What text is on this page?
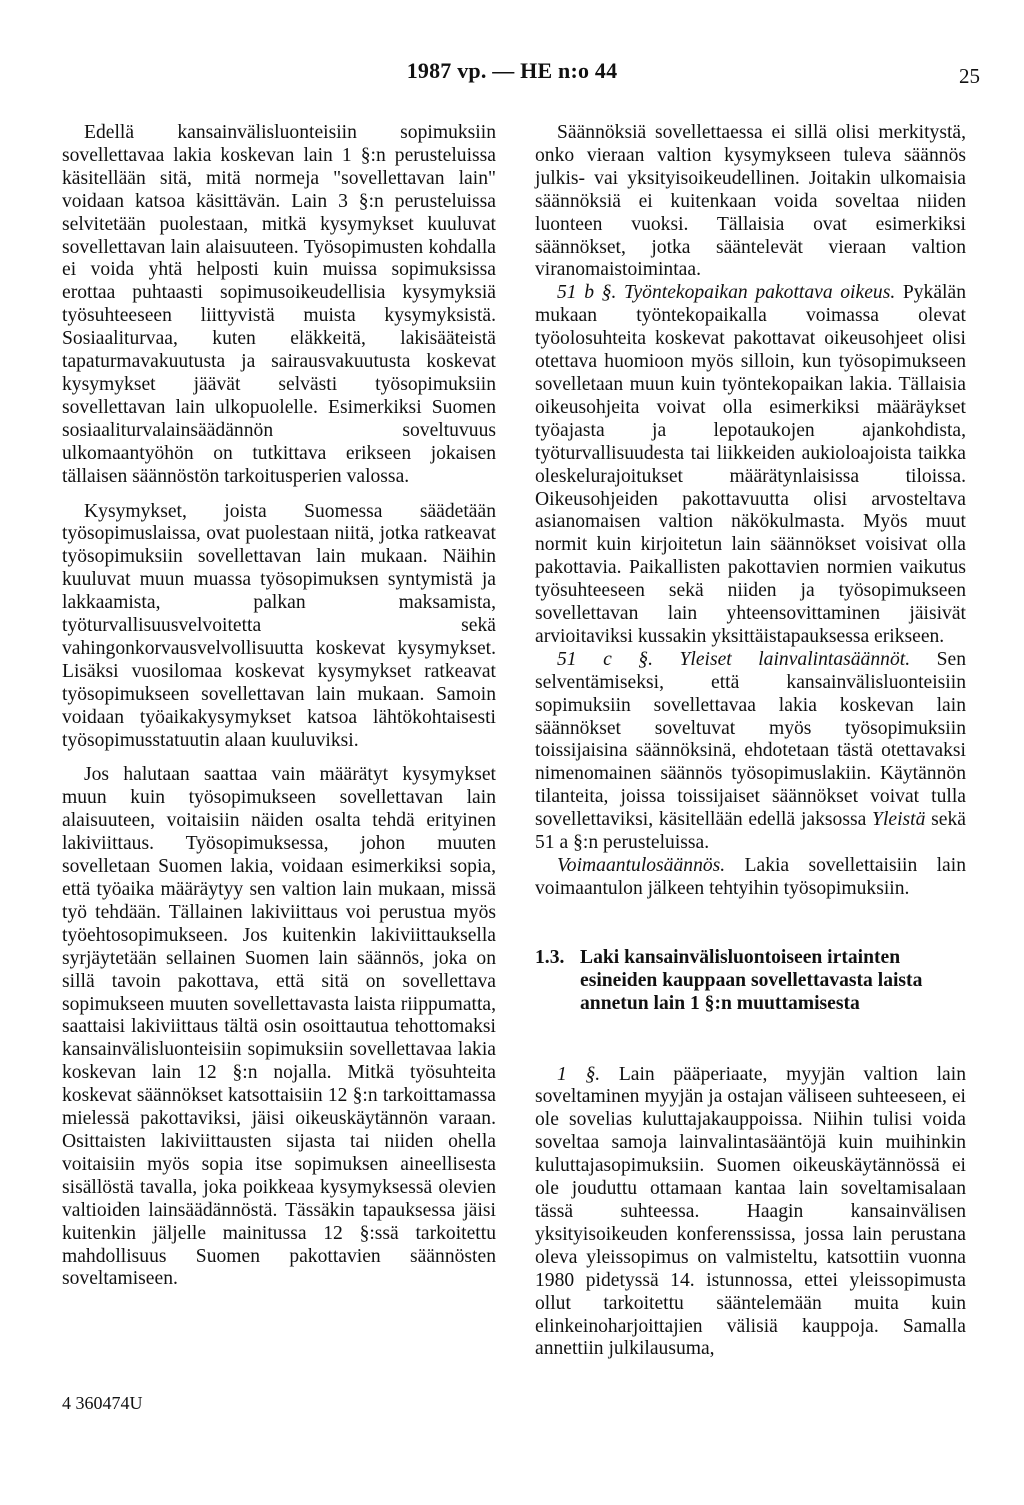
1987 vp. — HE n:o 44	25

Edellä kansainvälisluonteisiin sopimuksiin sovellettavaa lakia koskevan lain 1 §:n perusteluissa käsitellään sitä, mitä normeja "sovellettavan lain" voidaan katsoa käsittävän. Lain 3 §:n perusteluissa selvitetään puolestaan, mitkä kysymykset kuuluvat sovellettavan lain alaisuuteen. Työsopimusten kohdalla ei voida yhtä helposti kuin muissa sopimuksissa erottaa puhtaasti sopimusoikeudellisia kysymyksiä työsuhteeseen liittyvistä muista kysymyksistä. Sosiaaliturvaa, kuten eläkkeitä, lakisääteistä tapaturmavakuutusta ja sairausvakuutusta koskevat kysymykset jäävät selvästi työsopimuksiin sovellettavan lain ulkopuolelle. Esimerkiksi Suomen sosiaaliturvalainsäädännön soveltuvuus ulkomaantyöhön on tutkittava erikseen jokaisen tällaisen säännöstön tarkoitusperien valossa.

Kysymykset, joista Suomessa säädetään työsopimuslaissa, ovat puolestaan niitä, jotka ratkeavat työsopimuksiin sovellettavan lain mukaan. Näihin kuuluvat muun muassa työsopimuksen syntymistä ja lakkaamista, palkan maksamista, työturvallisuusvelvoitetta sekä vahingonkorvausvelvollisuutta koskevat kysymykset. Lisäksi vuosilomaa koskevat kysymykset ratkeavat työsopimukseen sovellettavan lain mukaan. Samoin voidaan työaikakysymykset katsoa lähtökohtaisesti työsopimusstatuutin alaan kuuluviksi.

Jos halutaan saattaa vain määrätyt kysymykset muun kuin työsopimukseen sovellettavan lain alaisuuteen, voitaisiin näiden osalta tehdä erityinen lakiviittaus. Työsopimuksessa, johon muuten sovelletaan Suomen lakia, voidaan esimerkiksi sopia, että työaika määräytyy sen valtion lain mukaan, missä työ tehdään. Tällainen lakiviittaus voi perustua myös työehtosopimukseen. Jos kuitenkin lakiviittauksella syrjäytetään sellainen Suomen lain säännös, joka on sillä tavoin pakottava, että sitä on sovellettava sopimukseen muuten sovellettavasta laista riippumatta, saattaisi lakiviittaus tältä osin osoittautua tehottomaksi kansainvälisluonteisiin sopimuksiin sovellettavaa lakia koskevan lain 12 §:n nojalla. Mitkä työsuhteita koskevat säännökset katsottaisiin 12 §:n tarkoittamassa mielessä pakottaviksi, jäisi oikeuskäytännön varaan. Osittaisten lakiviittausten sijasta tai niiden ohella voitaisiin myös sopia itse sopimuksen aineellisesta sisällöstä tavalla, joka poikkeaa kysymyksessä olevien valtioiden lainsäädännöstä. Tässäkin tapauksessa jäisi kuitenkin jäljelle mainitussa 12 §:ssä tarkoitettu mahdollisuus Suomen pakottavien säännösten soveltamiseen.

Säännöksiä sovellettaessa ei sillä olisi merkitystä, onko vieraan valtion kysymykseen tuleva säännös julkis- vai yksityisoikeudellinen. Joitakin ulkomaisia säännöksiä ei kuitenkaan voida soveltaa niiden luonteen vuoksi. Tällaisia ovat esimerkiksi säännökset, jotka sääntelevät vieraan valtion viranomaistoimintaa.

51 b §. Työntekopaikan pakottava oikeus. Pykälän mukaan työntekopaikalla voimassa olevat työolosuhteita koskevat pakottavat oikeusohjeet olisi otettava huomioon myös silloin, kun työsopimukseen sovelletaan muun kuin työntekopaikan lakia. Tällaisia oikeusohjeita voivat olla esimerkiksi määräykset työajasta ja lepotaukojen ajankohdista, työturvallisuudesta tai liikkeiden aukioloajoista taikka oleskelurajoitukset määrätynlaisissa tiloissa. Oikeusohjeiden pakottavuutta olisi arvosteltava asianomaisen valtion näkökulmasta. Myös muut normit kuin kirjoitetun lain säännökset voisivat olla pakottavia. Paikallisten pakottavien normien vaikutus työsuhteeseen sekä niiden ja työsopimukseen sovellettavan lain yhteensovittaminen jäisivät arvioitaviksi kussakin yksittäistapauksessa erikseen.

51 c §. Yleiset lainvalintasäännöt. Sen selventämiseksi, että kansainvälisluonteisiin sopimuksiin sovellettavaa lakia koskevan lain säännökset soveltuvat myös työsopimuksiin toissijaisina säännöksinä, ehdotetaan tästä otettavaksi nimenomainen säännös työsopimuslakiin. Käytännön tilanteita, joissa toissijaiset säännökset voivat tulla sovellettaviksi, käsitellään edellä jaksossa Yleistä sekä 51 a §:n perusteluissa.

Voimaantulosäännös. Lakia sovellettaisiin lain voimaantulon jälkeen tehtyihin työsopimuksiin.

1.3. Laki kansainvälisluontoiseen irtainten esineiden kauppaan sovellettavasta laista annetun lain 1 §:n muuttamisesta

1 §. Lain pääperiaate, myyjän valtion lain soveltaminen myyjän ja ostajan väliseen suhteeseen, ei ole sovelias kuluttajakauppoissa. Niihin tulisi voida soveltaa samoja lainvalintasääntöjä kuin muihinkin kuluttajasopimuksiin. Suomen oikeuskäytännössä ei ole jouduttu ottamaan kantaa lain soveltamisalaan tässä suhteessa. Haagin kansainvälisen yksityisoikeuden konferenssissa, jossa lain perustana oleva yleissopimus on valmisteltu, katsottiin vuonna 1980 pidetyssä 14. istunnossa, ettei yleissopimusta ollut tarkoitettu sääntelemään muita kuin elinkeinoharjoittajien välisiä kauppoja. Samalla annettiin julkilausuma,

4 360474U
